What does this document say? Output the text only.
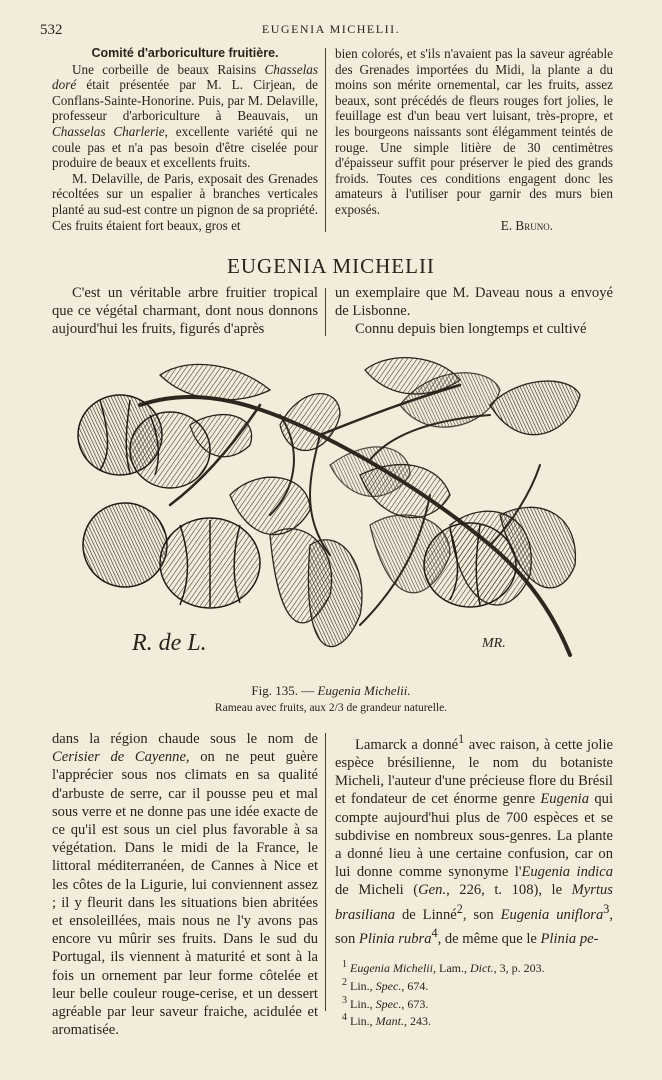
532	EUGENIA MICHELII.

Comité d'arboriculture fruitière.

Une corbeille de beaux Raisins Chasselas doré était présentée par M. L. Cirjean, de Conflans-Sainte-Honorine. Puis, par M. Delaville, professeur d'arboriculture à Beauvais, un Chasselas Charlerie, excellente variété qui ne coule pas et n'a pas besoin d'être ciselée pour produire de beaux et excellents fruits.

M. Delaville, de Paris, exposait des Grenades récoltées sur un espalier à branches verticales planté au sud-est contre un pignon de sa propriété. Ces fruits étaient fort beaux, gros et

bien colorés, et s'ils n'avaient pas la saveur agréable des Grenades importées du Midi, la plante a du moins son mérite ornemental, car les fruits, assez beaux, sont précédés de fleurs rouges fort jolies, le feuillage est d'un beau vert luisant, très-propre, et les bourgeons naissants sont élégamment teintés de rouge. Une simple litière de 30 centimètres d'épaisseur suffit pour préserver le pied des grands froids. Toutes ces conditions engagent donc les amateurs à l'utiliser pour garnir des murs bien exposés.

E. Bruno.
EUGENIA MICHELII

C'est un véritable arbre fruitier tropical que ce végétal charmant, dont nous donnons aujourd'hui les fruits, figurés d'après

un exemplaire que M. Daveau nous a envoyé de Lisbonne.

Connu depuis bien longtemps et cultivé

R. de L.	MR.
Fig. 135. — Eugenia Michelii.
Rameau avec fruits, aux 2/3 de grandeur naturelle.

dans la région chaude sous le nom de Cerisier de Cayenne, on ne peut guère l'apprécier sous nos climats en sa qualité d'arbuste de serre, car il pousse peu et mal sous verre et ne donne pas une idée exacte de ce qu'il est sous un ciel plus favorable à sa végétation. Dans le midi de la France, le littoral méditerranéen, de Cannes à Nice et les côtes de la Ligurie, lui conviennent assez ; il y fleurit dans les situations bien abritées et ensoleillées, mais nous ne l'y avons pas encore vu mûrir ses fruits. Dans le sud du Portugal, ils viennent à maturité et sont à la fois un ornement par leur forme côtelée et leur belle couleur rouge-cerise, et un dessert agréable par leur saveur fraiche, acidulée et aromatisée.

Lamarck a donné$^1$ avec raison, à cette jolie espèce brésilienne, le nom du botaniste Micheli, l'auteur d'une précieuse flore du Brésil et fondateur de cet énorme genre Eugenia qui compte aujourd'hui plus de 700 espèces et se subdivise en nombreux sous-genres. La plante a donné lieu à une certaine confusion, car on lui donne comme synonyme l'Eugenia indica de Micheli (Gen., 226, t. 108), le Myrtus brasiliana de Linné$^2$, son Eugenia uniflora$^3$, son Plinia rubra$^4$, de même que le Plinia pe-

$^1$ Eugenia Michelii, Lam., Dict., 3, p. 203.
$^2$ Lin., Spec., 674.
$^3$ Lin., Spec., 673.
$^4$ Lin., Mant., 243.
